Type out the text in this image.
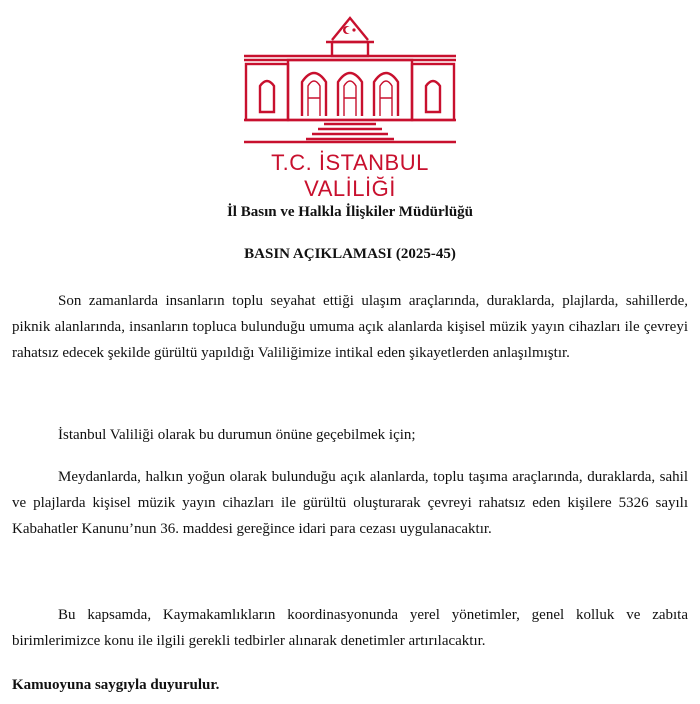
T.C. İSTANBUL VALİLİĞİ
İl Basın ve Halkla İlişkiler Müdürlüğü
BASIN AÇIKLAMASI (2025-45)

Son zamanlarda insanların toplu seyahat ettiği ulaşım araçlarında, duraklarda, plajlarda, sahillerde, piknik alanlarında, insanların topluca bulunduğu umuma açık alanlarda kişisel müzik yayın cihazları ile çevreyi rahatsız edecek şekilde gürültü yapıldığı Valiliğimize intikal eden şikayetlerden anlaşılmıştır.

İstanbul Valiliği olarak bu durumun önüne geçebilmek için;

Meydanlarda, halkın yoğun olarak bulunduğu açık alanlarda, toplu taşıma araçlarında, duraklarda, sahil ve plajlarda kişisel müzik yayın cihazları ile gürültü oluşturarak çevreyi rahatsız eden kişilere 5326 sayılı Kabahatler Kanunu’nun 36. maddesi gereğince idari para cezası uygulanacaktır.

Bu kapsamda, Kaymakamlıkların koordinasyonunda yerel yönetimler, genel kolluk ve zabıta birimlerimizce konu ile ilgili gerekli tedbirler alınarak denetimler artırılacaktır.

Kamuoyuna saygıyla duyurulur.
